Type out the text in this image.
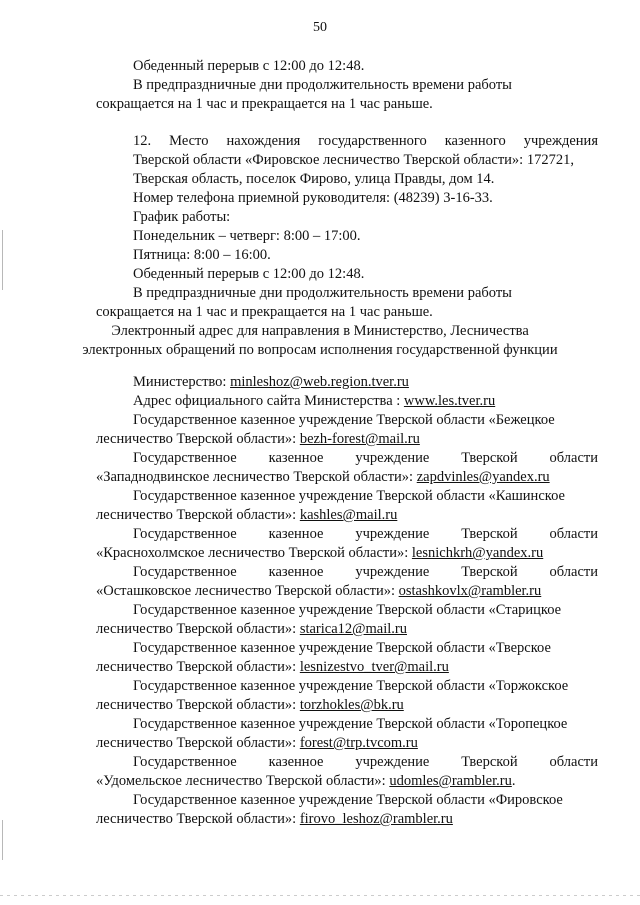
50
Обеденный перерыв с 12:00 до 12:48.
В предпраздничные дни продолжительность времени работы
сокращается на 1 час и прекращается на 1 час раньше.
12. Место нахождения государственного казенного учреждения
Тверской области «Фировское лесничество Тверской области»: 172721,
Тверская область, поселок Фирово, улица Правды, дом 14.
Номер телефона приемной руководителя: (48239) 3-16-33.
График работы:
Понедельник – четверг: 8:00 – 17:00.
Пятница: 8:00 – 16:00.
Обеденный перерыв с 12:00 до 12:48.
В предпраздничные дни продолжительность времени работы
сокращается на 1 час и прекращается на 1 час раньше.
Электронный адрес для направления в Министерство, Лесничества
электронных обращений по вопросам исполнения государственной функции
Министерство: minleshoz@web.region.tver.ru
Адрес официального сайта Министерства : www.les.tver.ru
Государственное казенное учреждение Тверской области «Бежецкое
лесничество Тверской области»: bezh-forest@mail.ru
Государственное казенное учреждение Тверской области
«Западнодвинское лесничество Тверской области»: zapdvinles@yandex.ru
Государственное казенное учреждение Тверской области «Кашинское
лесничество Тверской области»: kashles@mail.ru
Государственное казенное учреждение Тверской области
«Краснохолмское лесничество Тверской области»: lesnichkrh@yandex.ru
Государственное казенное учреждение Тверской области
«Осташковское лесничество Тверской области»: ostashkovlx@rambler.ru
Государственное казенное учреждение Тверской области «Старицкое
лесничество Тверской области»: starica12@mail.ru
Государственное казенное учреждение Тверской области «Тверское
лесничество Тверской области»: lesnizestvo_tver@mail.ru
Государственное казенное учреждение Тверской области «Торжокское
лесничество Тверской области»: torzhokles@bk.ru
Государственное казенное учреждение Тверской области «Торопецкое
лесничество Тверской области»: forest@trp.tvcom.ru
Государственное казенное учреждение Тверской области
«Удомельское лесничество Тверской области»: udomles@rambler.ru.
Государственное казенное учреждение Тверской области «Фировское
лесничество Тверской области»: firovo_leshoz@rambler.ru
